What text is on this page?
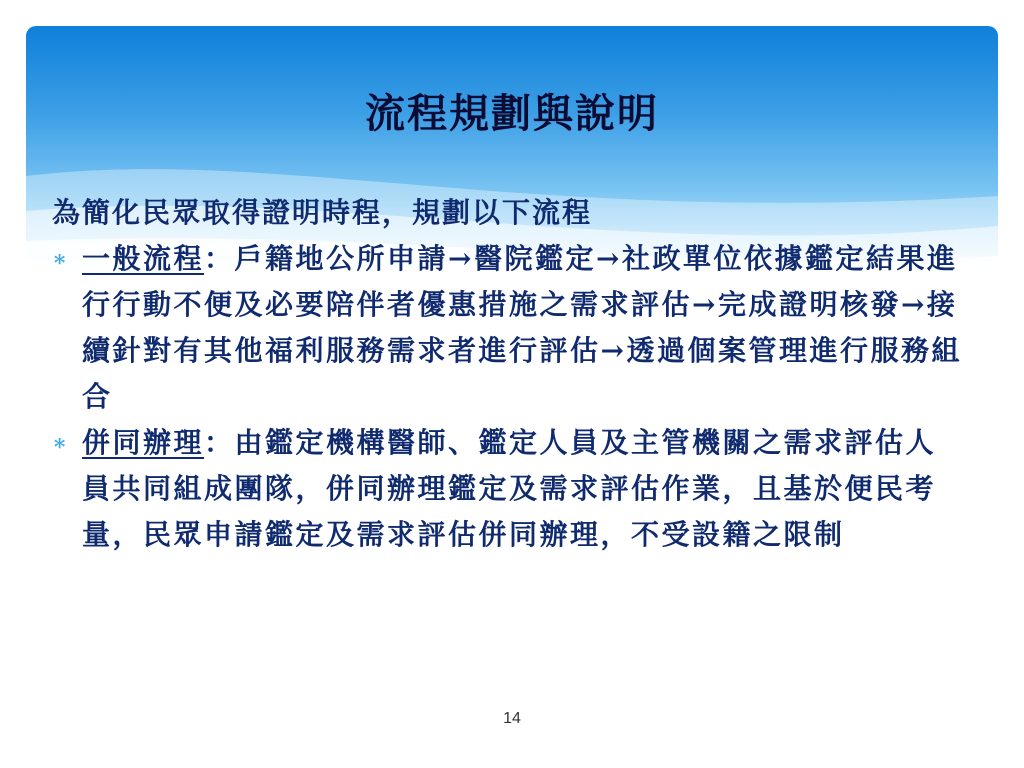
流程規劃與說明

為簡化民眾取得證明時程，規劃以下流程

∗ 一般流程：戶籍地公所申請→醫院鑑定→社政單位依據鑑定結果進行行動不便及必要陪伴者優惠措施之需求評估→完成證明核發→接續針對有其他福利服務需求者進行評估→透過個案管理進行服務組合

∗ 併同辦理：由鑑定機構醫師、鑑定人員及主管機關之需求評估人員共同組成團隊，併同辦理鑑定及需求評估作業，且基於便民考量，民眾申請鑑定及需求評估併同辦理，不受設籍之限制

14
